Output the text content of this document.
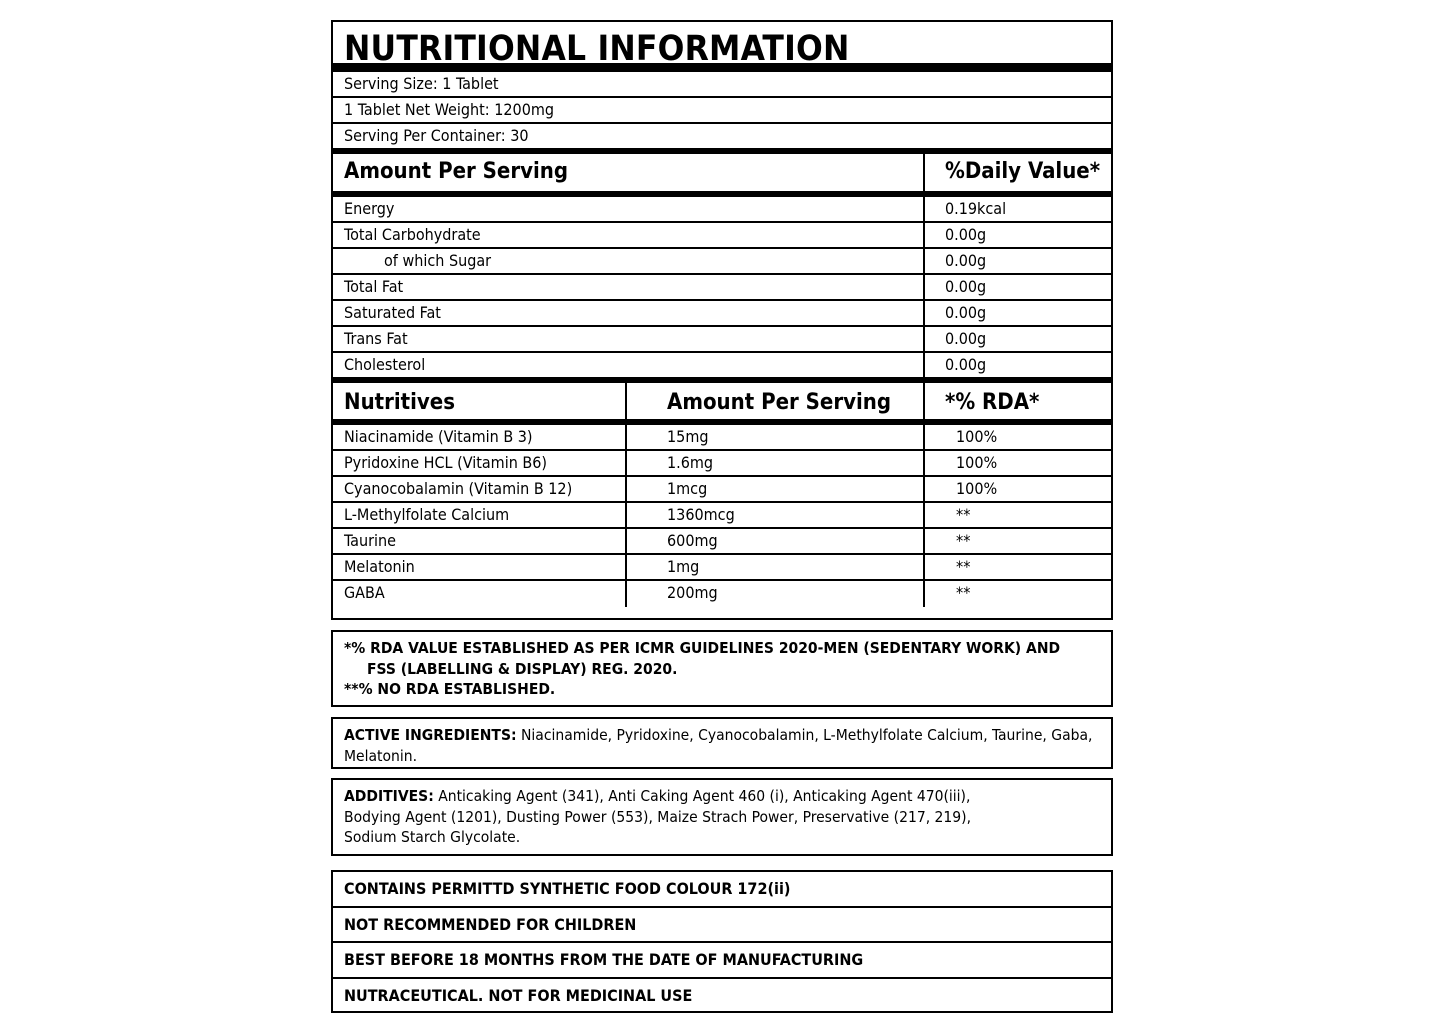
NUTRITIONAL INFORMATION
Serving Size: 1 Tablet
1 Tablet Net Weight: 1200mg
Serving Per Container: 30
Amount Per Serving	%Daily Value*
Energy	0.19kcal
Total Carbohydrate	0.00g
of which Sugar	0.00g
Total Fat	0.00g
Saturated Fat	0.00g
Trans Fat	0.00g
Cholesterol	0.00g
Nutritives	Amount Per Serving	*% RDA*
Niacinamide (Vitamin B 3)	15mg	100%
Pyridoxine HCL (Vitamin B6)	1.6mg	100%
Cyanocobalamin (Vitamin B 12)	1mcg	100%
L-Methylfolate Calcium	1360mcg	**
Taurine	600mg	**
Melatonin	1mg	**
GABA	200mg	**
*% RDA VALUE ESTABLISHED AS PER ICMR GUIDELINES 2020-MEN (SEDENTARY WORK) AND
FSS (LABELLING & DISPLAY) REG. 2020.
**% NO RDA ESTABLISHED.
ACTIVE INGREDIENTS: Niacinamide, Pyridoxine, Cyanocobalamin, L-Methylfolate Calcium, Taurine, Gaba, Melatonin.
ADDITIVES: Anticaking Agent (341), Anti Caking Agent 460 (i), Anticaking Agent 470(iii),
Bodying Agent (1201), Dusting Power (553), Maize Strach Power, Preservative (217, 219),
Sodium Starch Glycolate.
CONTAINS PERMITTD SYNTHETIC FOOD COLOUR 172(ii)
NOT RECOMMENDED FOR CHILDREN
BEST BEFORE 18 MONTHS FROM THE DATE OF MANUFACTURING
NUTRACEUTICAL. NOT FOR MEDICINAL USE
